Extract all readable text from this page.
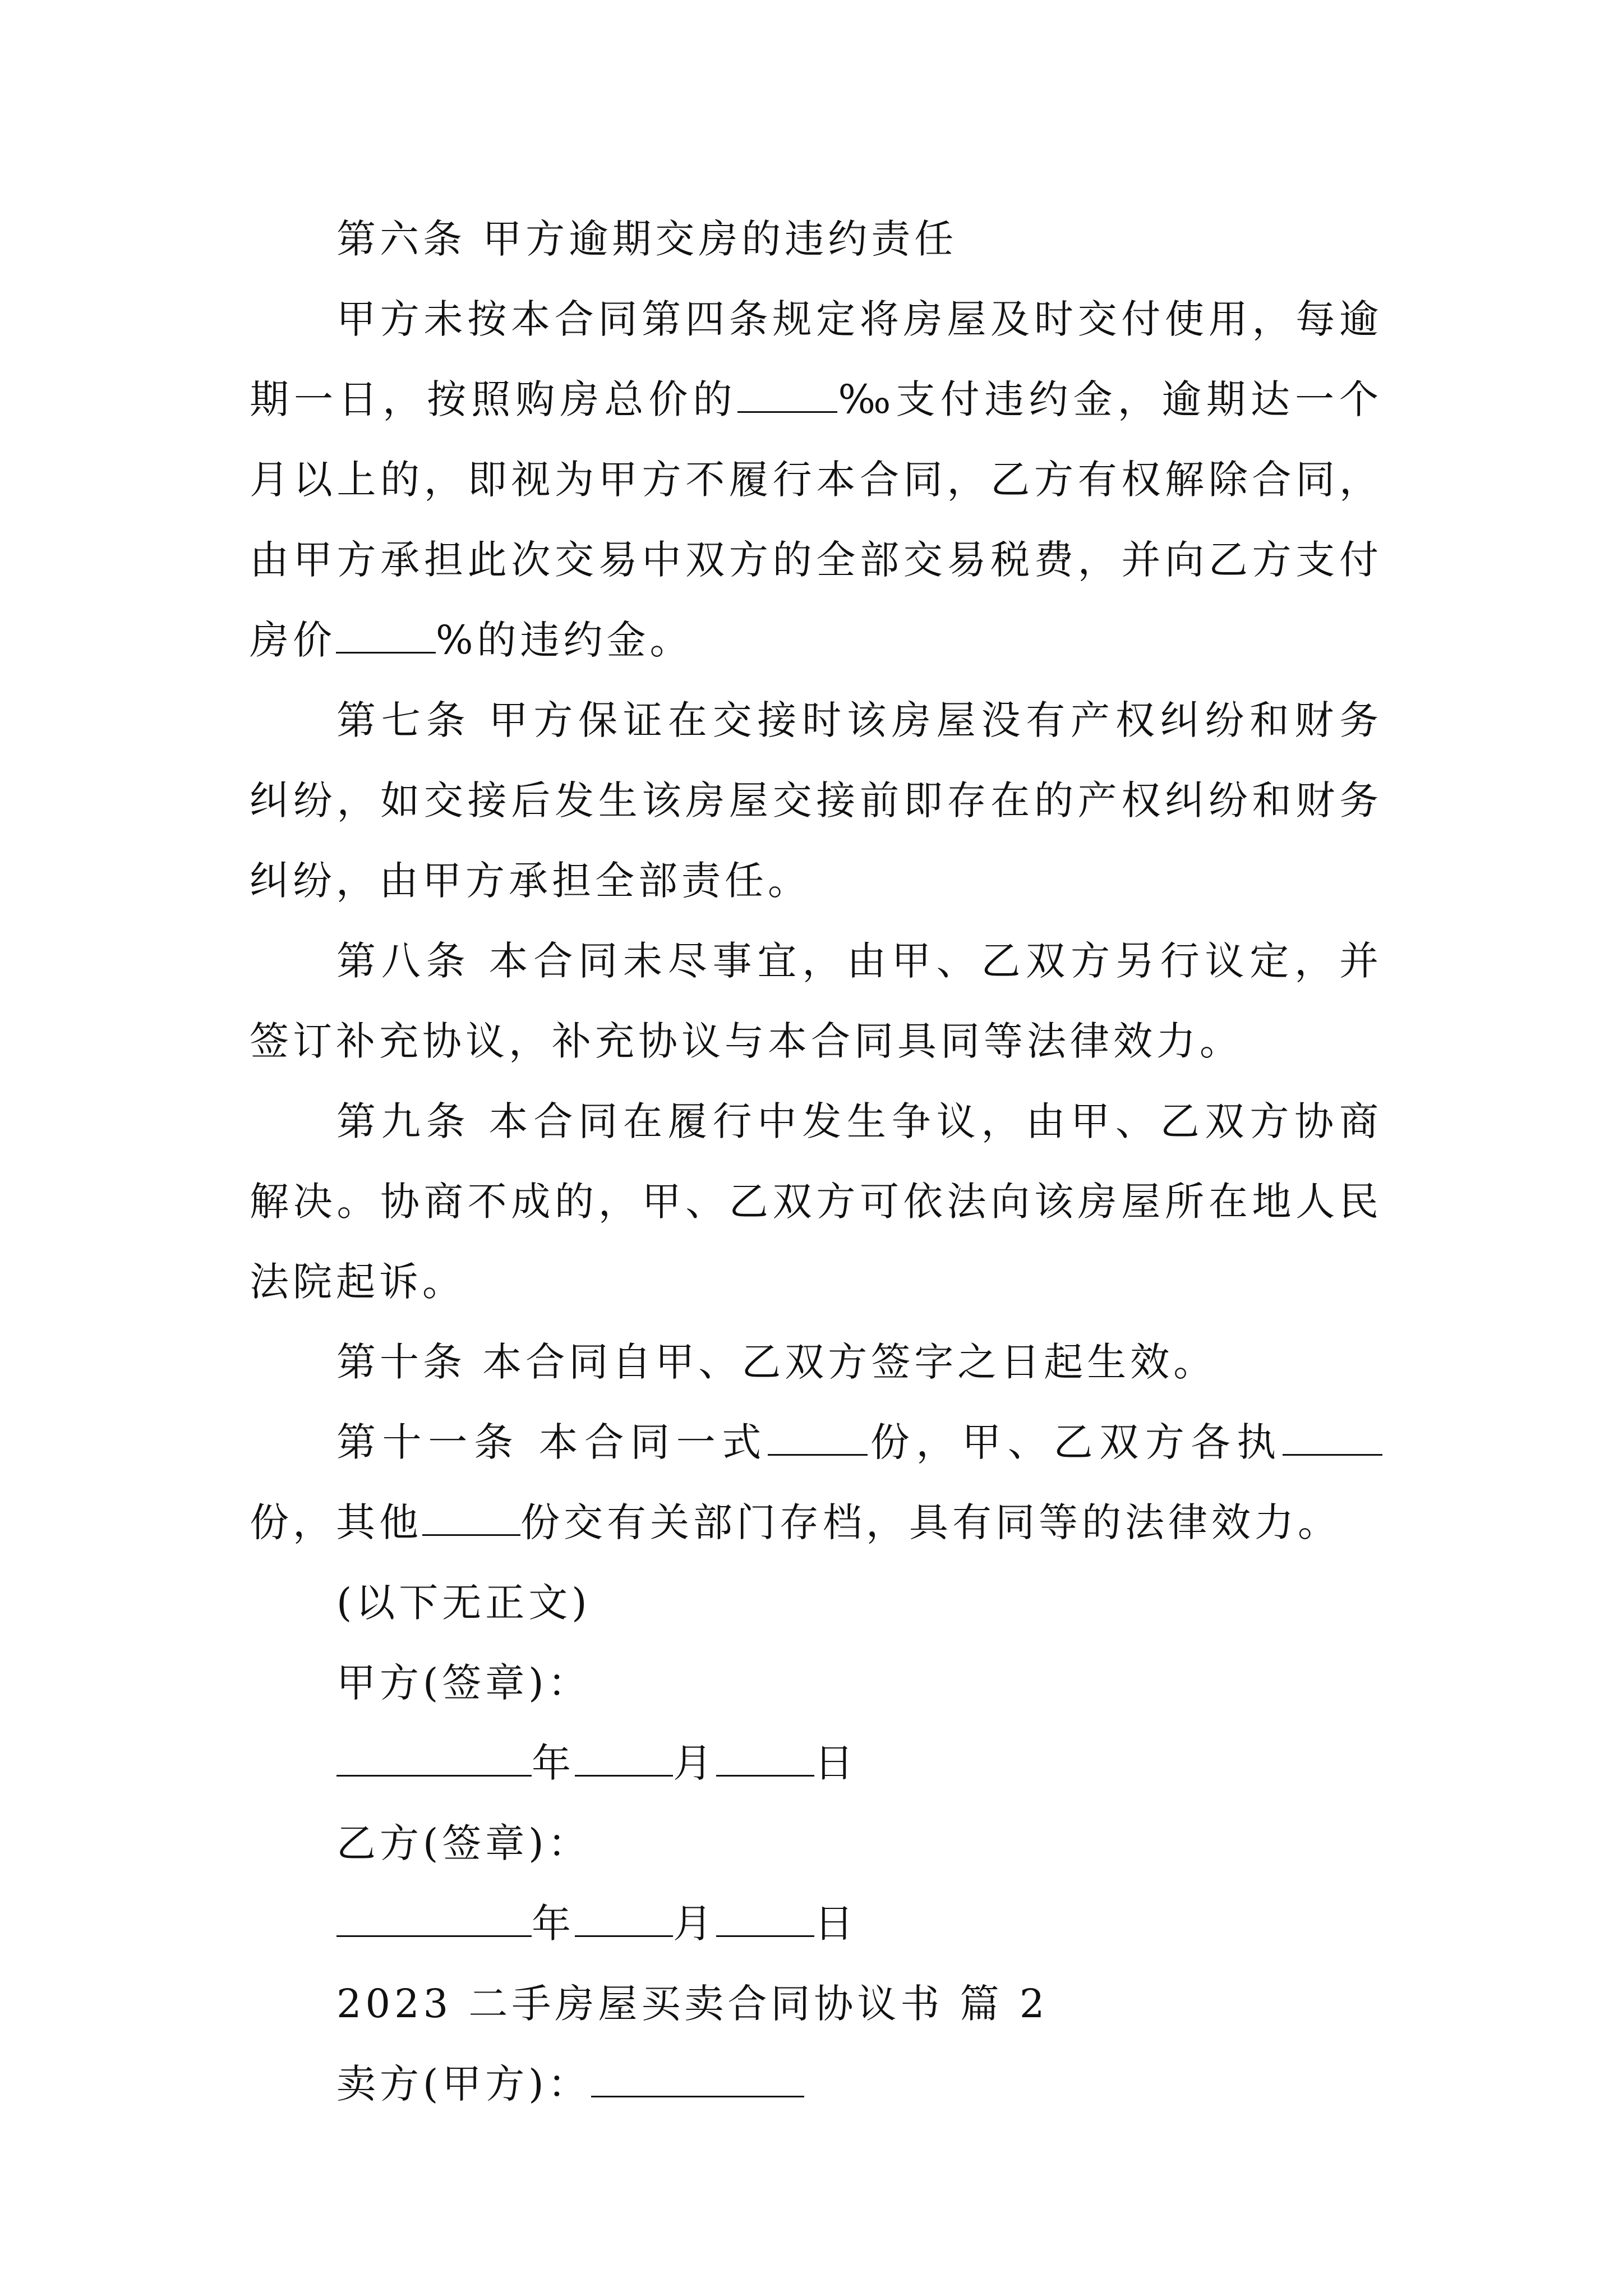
第六条 甲方逾期交房的违约责任
甲方未按本合同第四条规定将房屋及时交付使用，每逾
期一日，按照购房总价的	‰支付违约金，逾期达一个
月以上的，即视为甲方不履行本合同，乙方有权解除合同，
由甲方承担此次交易中双方的全部交易税费，并向乙方支付
房价	%的违约金。
第七条 甲方保证在交接时该房屋没有产权纠纷和财务
纠纷，如交接后发生该房屋交接前即存在的产权纠纷和财务
纠纷，由甲方承担全部责任。
第八条 本合同未尽事宜，由甲、乙双方另行议定，并
签订补充协议，补充协议与本合同具同等法律效力。
第九条 本合同在履行中发生争议，由甲、乙双方协商
解决。协商不成的，甲、乙双方可依法向该房屋所在地人民
法院起诉。
第十条 本合同自甲、乙双方签字之日起生效。
第十一条 本合同一式	份，甲、乙双方各执
份，其他	份交有关部门存档，具有同等的法律效力。
(以下无正文)
甲方(签章)：
年	月	日
乙方(签章)：
年	月	日
2023 二手房屋买卖合同协议书 篇 2
卖方(甲方)：
